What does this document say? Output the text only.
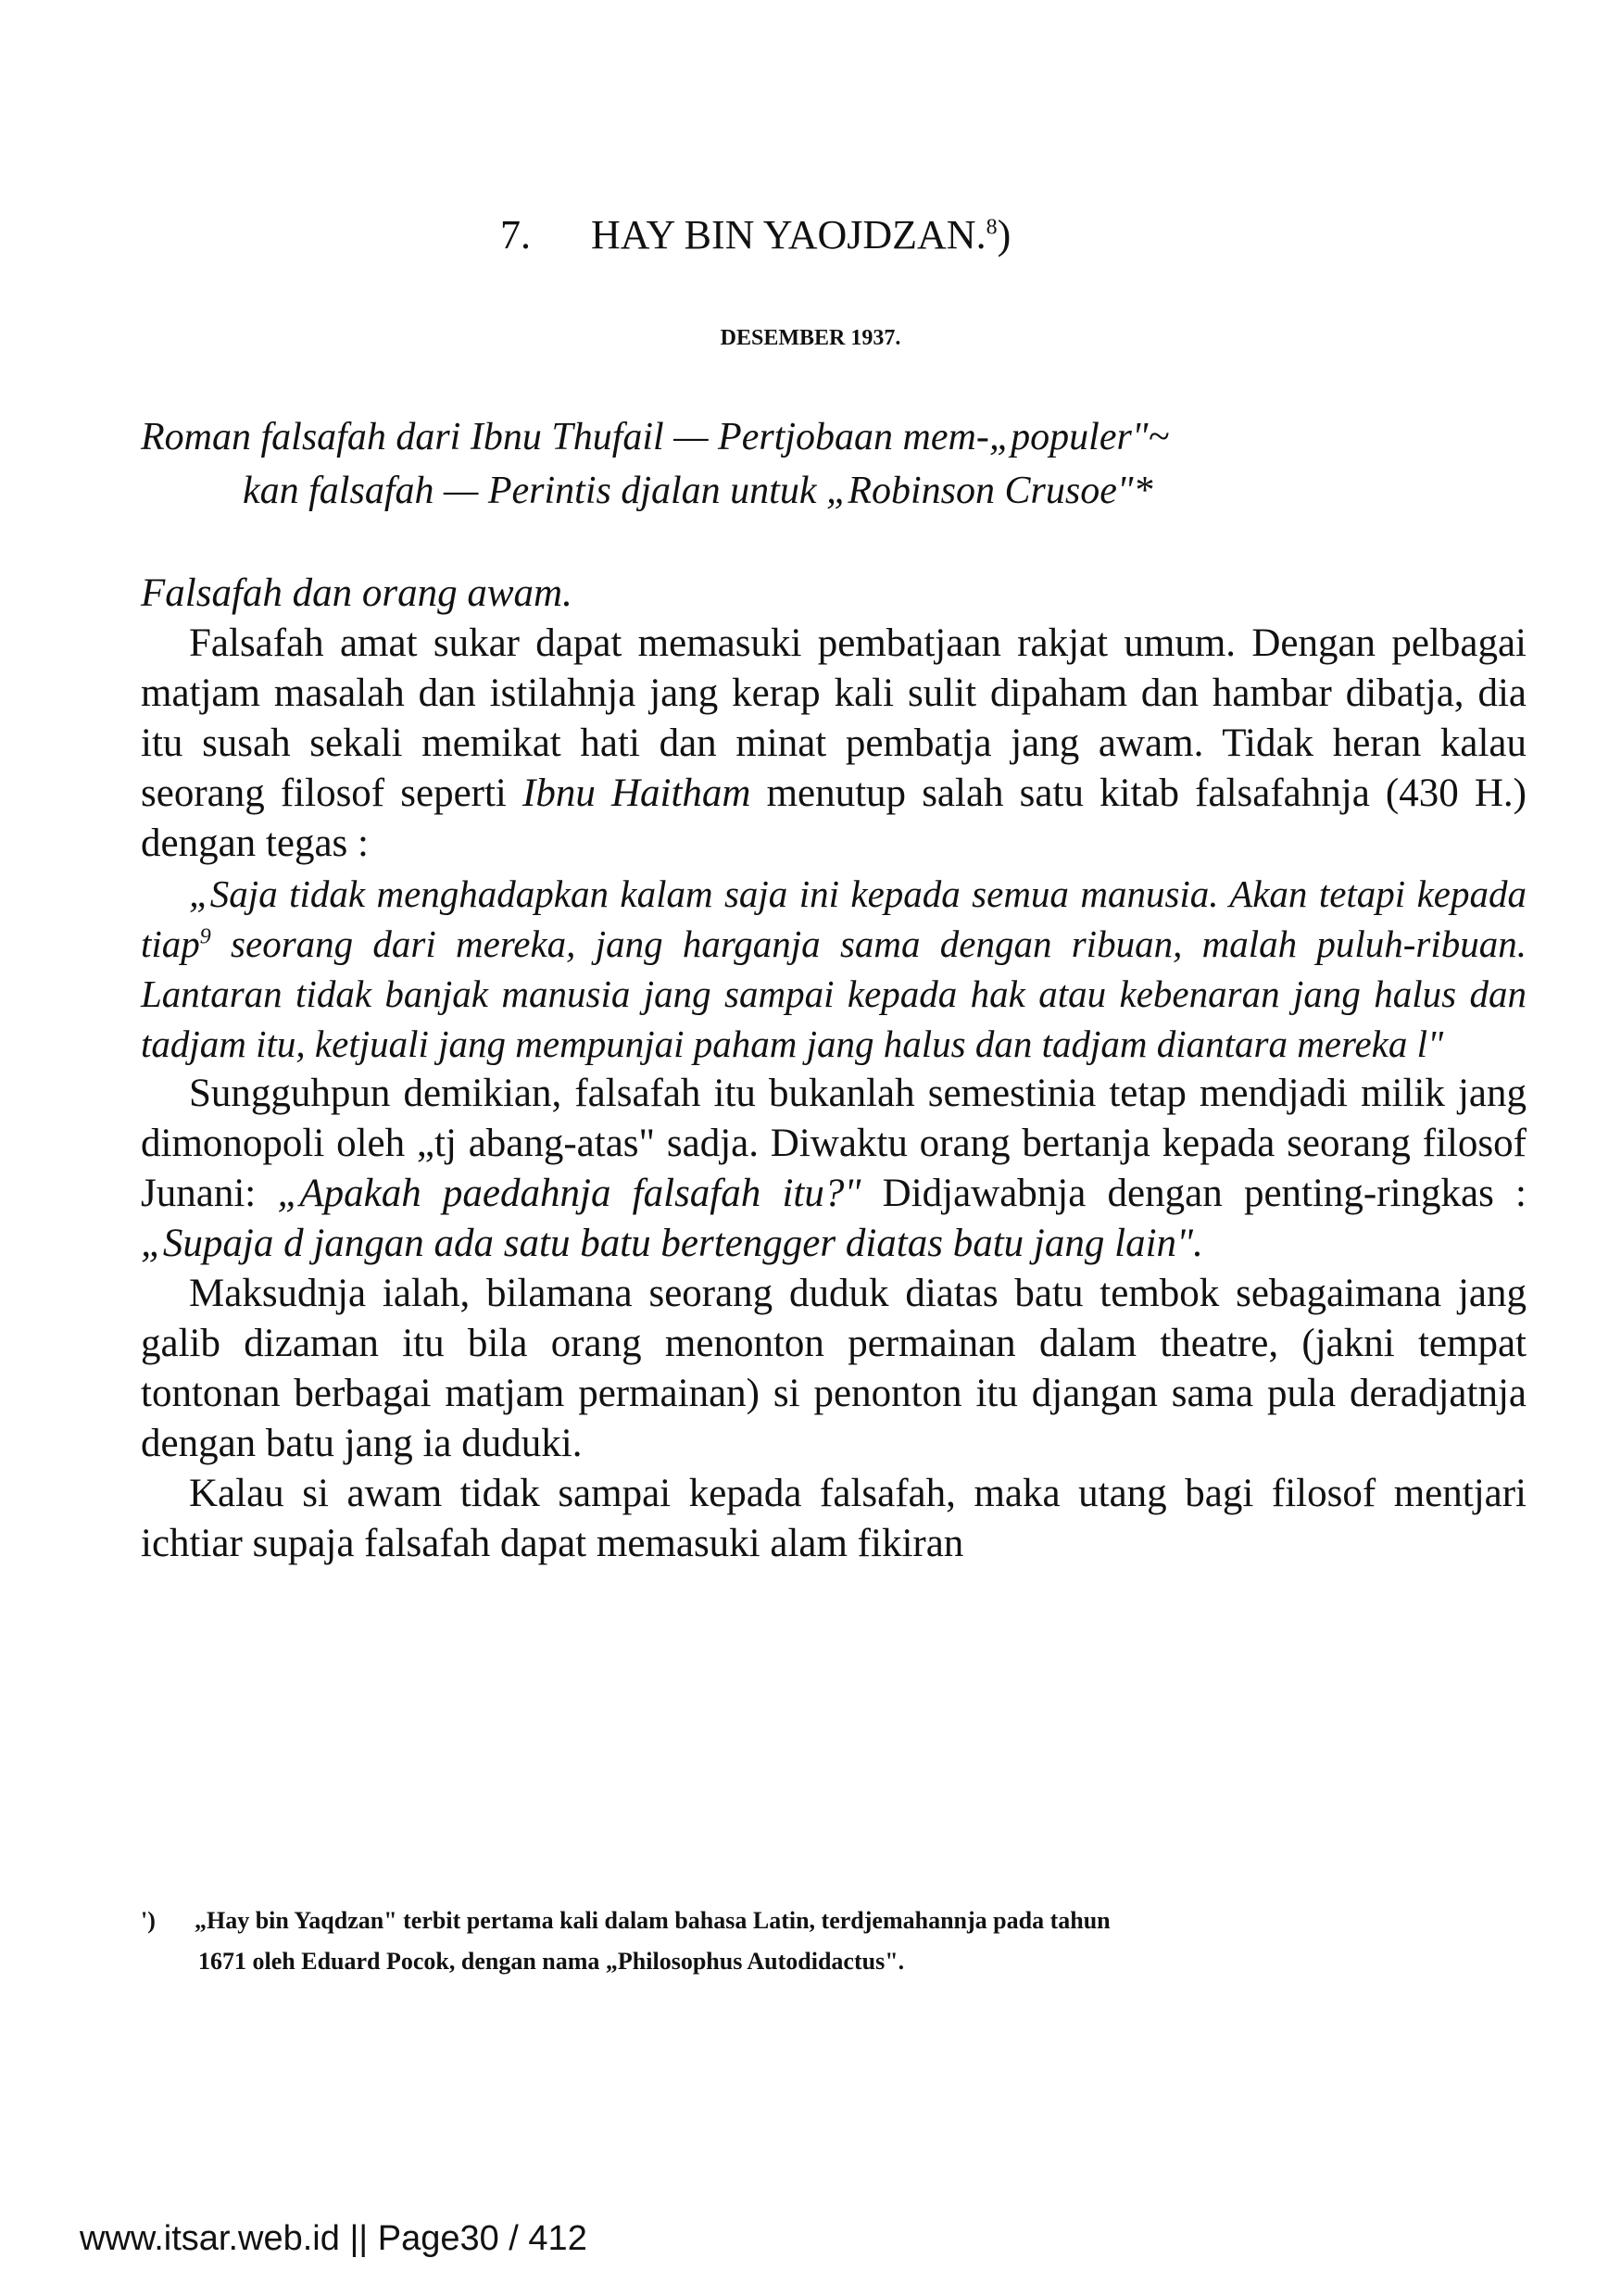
7. HAY BIN YAOJDZAN.$^8$)
DESEMBER 1937.
Roman falsafah dari Ibnu Thufail — Pertjobaan mem-„populer"~
kan falsafah — Perintis djalan untuk „Robinson Crusoe"*

Falsafah dan orang awam.

Falsafah amat sukar dapat memasuki pembatjaan rakjat umum. Dengan pelbagai matjam masalah dan istilahnja jang kerap kali sulit dipaham dan hambar dibatja, dia itu susah sekali memikat hati dan minat pembatja jang awam. Tidak heran kalau seorang filosof seperti Ibnu Haitham menutup salah satu kitab falsafahnja (430 H.) dengan tegas :

„Saja tidak menghadapkan kalam saja ini kepada semua manusia. Akan tetapi kepada tiap$^9$ seorang dari mereka, jang harganja sama dengan ribuan, malah puluh-ribuan. Lantaran tidak banjak manusia jang sampai kepada hak atau kebenaran jang halus dan tadjam itu, ketjuali jang mempunjai paham jang halus dan tadjam diantara mereka l"

Sungguhpun demikian, falsafah itu bukanlah semestinia tetap mendjadi milik jang dimonopoli oleh „tj abang-atas" sadja. Diwaktu orang bertanja kepada seorang filosof Junani: „Apakah paedahnja falsafah itu?" Didjawabnja dengan penting-ringkas : „Supaja d jangan ada satu batu bertengger diatas batu jang lain".

Maksudnja ialah, bilamana seorang duduk diatas batu tembok sebagaimana jang galib dizaman itu bila orang menonton permainan dalam theatre, (jakni tempat tontonan berbagai matjam permainan) si penonton itu djangan sama pula deradjatnja dengan batu jang ia duduki.

Kalau si awam tidak sampai kepada falsafah, maka utang bagi filosof mentjari ichtiar supaja falsafah dapat memasuki alam fikiran

')	„Hay bin Yaqdzan" terbit pertama kali dalam bahasa Latin, terdjemahannja pada tahun
1671 oleh Eduard Pocok, dengan nama „Philosophus Autodidactus".
www.itsar.web.id || Page30 / 412
